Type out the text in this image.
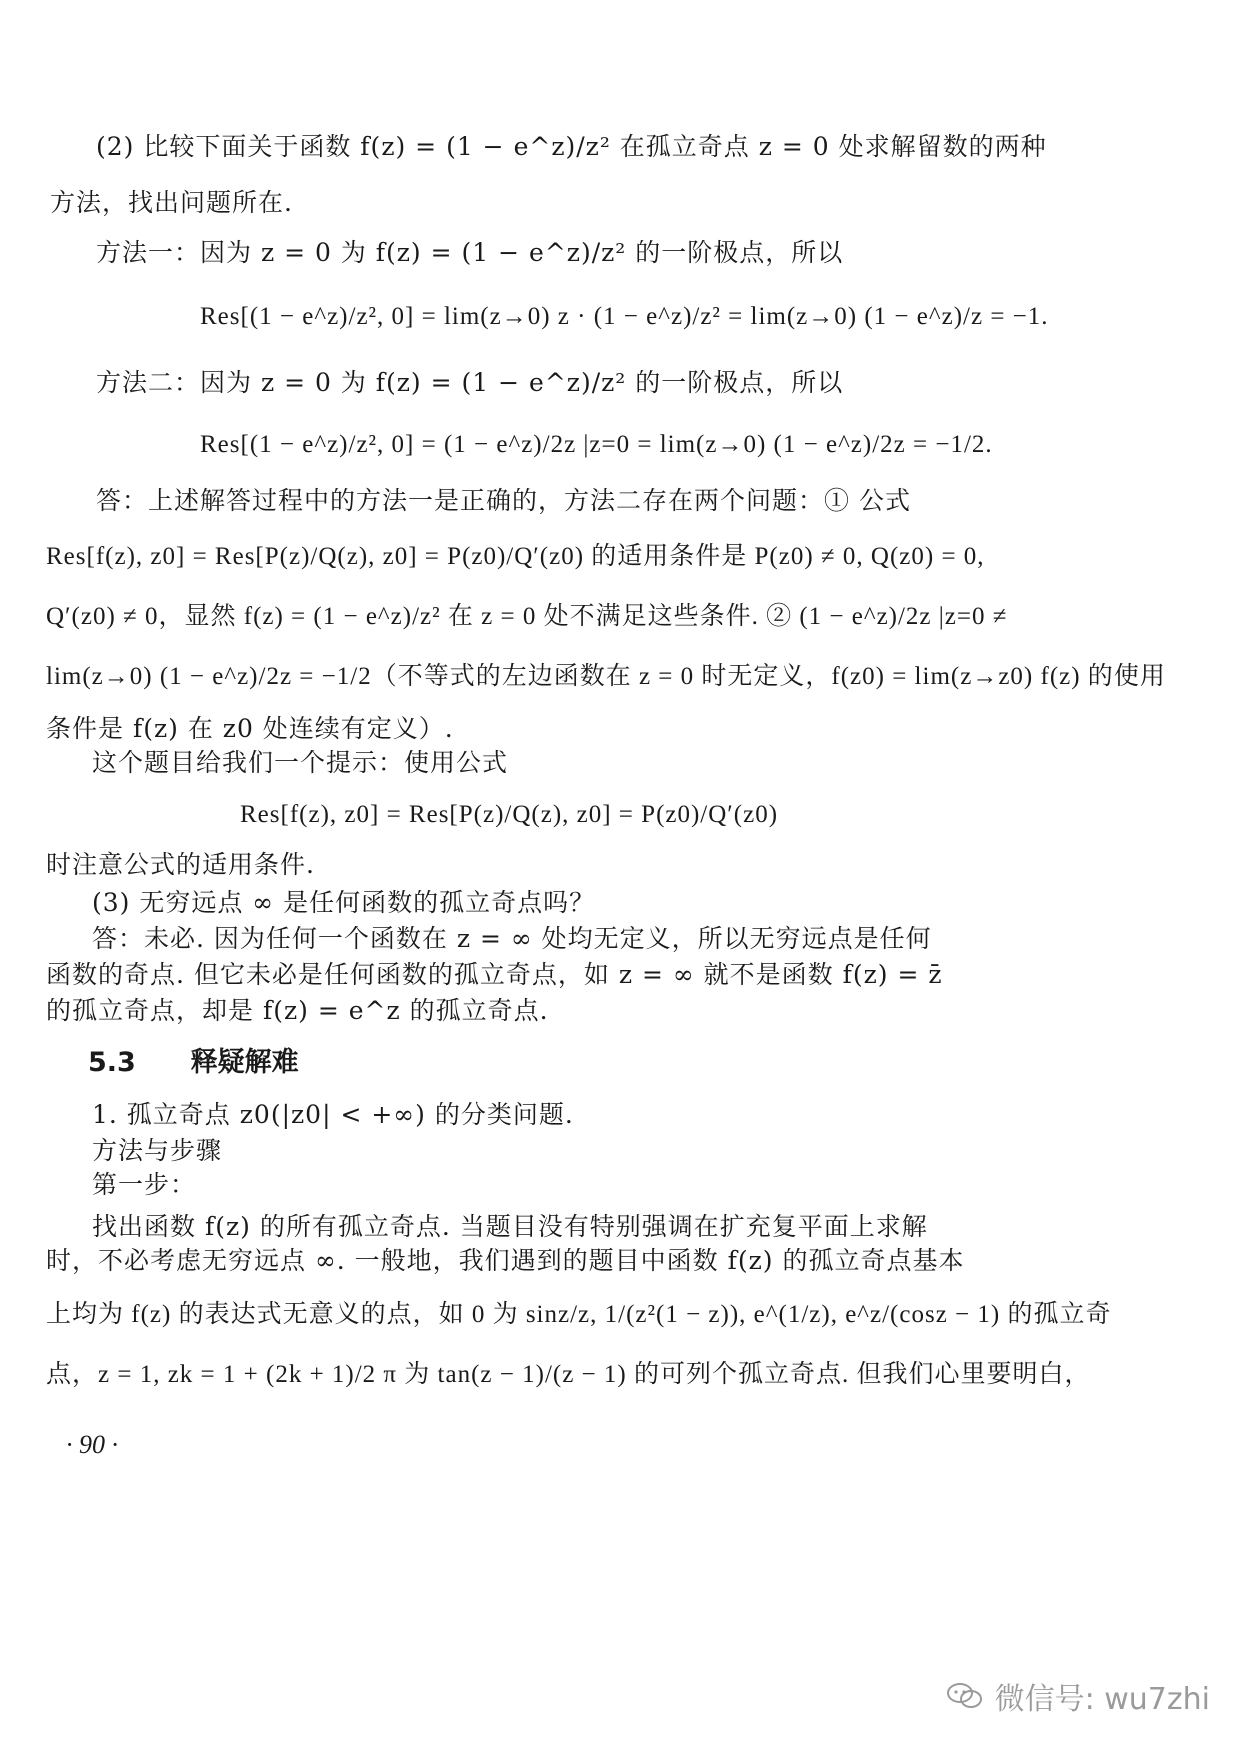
(2) 比较下面关于函数 f(z) = (1 − e^z)/z² 在孤立奇点 z = 0 处求解留数的两种
方法，找出问题所在.
方法一：因为 z = 0 为 f(z) = (1 − e^z)/z² 的一阶极点，所以
Res[(1 − e^z)/z², 0] = lim(z→0) z · (1 − e^z)/z² = lim(z→0) (1 − e^z)/z = −1.
方法二：因为 z = 0 为 f(z) = (1 − e^z)/z² 的一阶极点，所以
Res[(1 − e^z)/z², 0] = (1 − e^z)/2z |z=0 = lim(z→0) (1 − e^z)/2z = −1/2.
答：上述解答过程中的方法一是正确的，方法二存在两个问题：① 公式
Res[f(z), z0] = Res[P(z)/Q(z), z0] = P(z0)/Q′(z0) 的适用条件是 P(z0) ≠ 0, Q(z0) = 0,
Q′(z0) ≠ 0，显然 f(z) = (1 − e^z)/z² 在 z = 0 处不满足这些条件. ② (1 − e^z)/2z |z=0 ≠
lim(z→0) (1 − e^z)/2z = −1/2（不等式的左边函数在 z = 0 时无定义，f(z0) = lim(z→z0) f(z) 的使用
条件是 f(z) 在 z0 处连续有定义）.
这个题目给我们一个提示：使用公式
Res[f(z), z0] = Res[P(z)/Q(z), z0] = P(z0)/Q′(z0)
时注意公式的适用条件.
(3) 无穷远点 ∞ 是任何函数的孤立奇点吗？
答：未必. 因为任何一个函数在 z = ∞ 处均无定义，所以无穷远点是任何
函数的奇点. 但它未必是任何函数的孤立奇点，如 z = ∞ 就不是函数 f(z) = z̄
的孤立奇点，却是 f(z) = e^z 的孤立奇点.
5.3 释疑解难
1. 孤立奇点 z0(|z0| < +∞) 的分类问题.
方法与步骤
第一步：
找出函数 f(z) 的所有孤立奇点. 当题目没有特别强调在扩充复平面上求解
时，不必考虑无穷远点 ∞. 一般地，我们遇到的题目中函数 f(z) 的孤立奇点基本
上均为 f(z) 的表达式无意义的点，如 0 为 sinz/z, 1/(z²(1 − z)), e^(1/z), e^z/(cosz − 1) 的孤立奇
点，z = 1, zk = 1 + (2k + 1)/2 π 为 tan(z − 1)/(z − 1) 的可列个孤立奇点. 但我们心里要明白，
· 90 ·
微信号: wu7zhi
